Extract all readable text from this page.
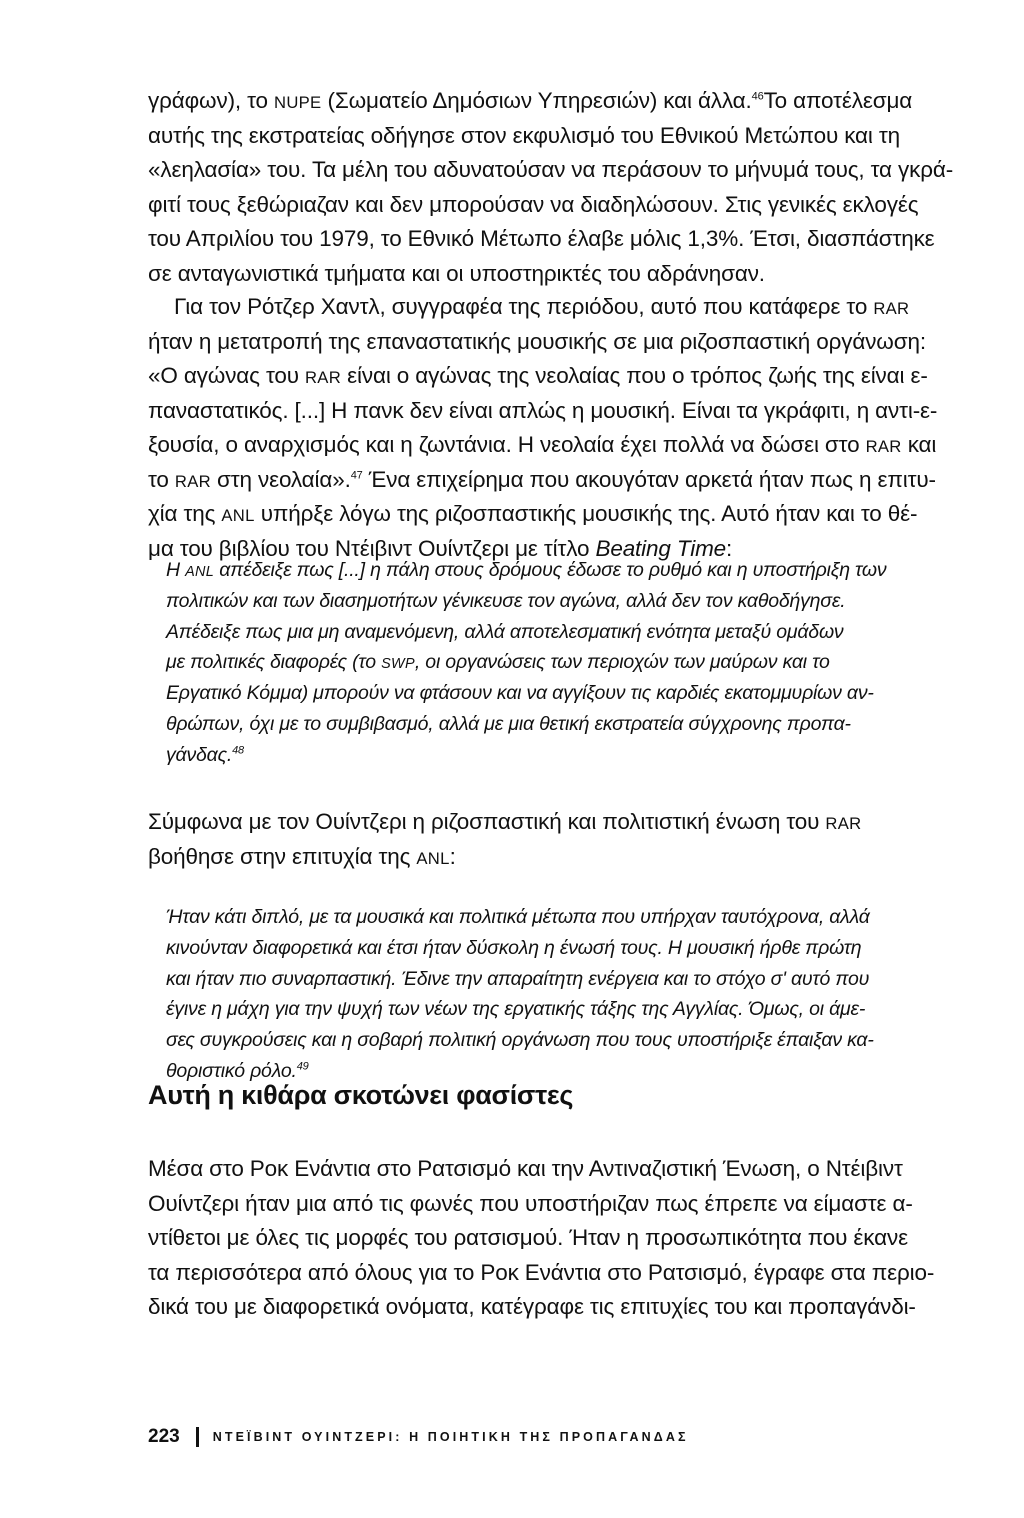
γράφων), το NUPE (Σωματείο Δημόσιων Υπηρεσιών) και άλλα.$^{46}$Το αποτέλεσμα
αυτής της εκστρατείας οδήγησε στον εκφυλισμό του Εθνικού Μετώπου και τη
«λεηλασία» του. Τα μέλη του αδυνατούσαν να περάσουν το μήνυμά τους, τα γκρά-
φιτί τους ξεθώριαζαν και δεν μπορούσαν να διαδηλώσουν. Στις γενικές εκλογές
του Απριλίου του 1979, το Εθνικό Μέτωπο έλαβε μόλις 1,3%. Έτσι, διασπάστηκε
σε ανταγωνιστικά τμήματα και οι υποστηρικτές του αδράνησαν.
Για τον Ρότζερ Χαντλ, συγγραφέα της περιόδου, αυτό που κατάφερε το RAR
ήταν η μετατροπή της επαναστατικής μουσικής σε μια ριζοσπαστική οργάνωση:
«Ο αγώνας του RAR είναι ο αγώνας της νεολαίας που ο τρόπος ζωής της είναι ε-
παναστατικός. [...] Η πανκ δεν είναι απλώς η μουσική. Είναι τα γκράφιτι, η αντι-ε-
ξουσία, ο αναρχισμός και η ζωντάνια. Η νεολαία έχει πολλά να δώσει στο RAR και
το RAR στη νεολαία».$^{47}$ Ένα επιχείρημα που ακουγόταν αρκετά ήταν πως η επιτυ-
χία της ANL υπήρξε λόγω της ριζοσπαστικής μουσικής της. Αυτό ήταν και το θέ-
μα του βιβλίου του Ντέιβιντ Ουίντζερι με τίτλο Beating Time:
Η ANL απέδειξε πως [...] η πάλη στους δρόμους έδωσε το ρυθμό και η υποστήριξη των
πολιτικών και των διασημοτήτων γένικευσε τον αγώνα, αλλά δεν τον καθοδήγησε.
Απέδειξε πως μια μη αναμενόμενη, αλλά αποτελεσματική ενότητα μεταξύ ομάδων
με πολιτικές διαφορές (το SWP, οι οργανώσεις των περιοχών των μαύρων και το
Εργατικό Κόμμα) μπορούν να φτάσουν και να αγγίξουν τις καρδιές εκατομμυρίων αν-
θρώπων, όχι με το συμβιβασμό, αλλά με μια θετική εκστρατεία σύγχρονης προπα-
γάνδας.$^{48}$
Σύμφωνα με τον Ουίντζερι η ριζοσπαστική και πολιτιστική ένωση του RAR
βοήθησε στην επιτυχία της ANL:
Ήταν κάτι διπλό, με τα μουσικά και πολιτικά μέτωπα που υπήρχαν ταυτόχρονα, αλλά
κινούνταν διαφορετικά και έτσι ήταν δύσκολη η ένωσή τους. Η μουσική ήρθε πρώτη
και ήταν πιο συναρπαστική. Έδινε την απαραίτητη ενέργεια και το στόχο σ' αυτό που
έγινε η μάχη για την ψυχή των νέων της εργατικής τάξης της Αγγλίας. Όμως, οι άμε-
σες συγκρούσεις και η σοβαρή πολιτική οργάνωση που τους υποστήριξε έπαιξαν κα-
θοριστικό ρόλο.$^{49}$
Αυτή η κιθάρα σκοτώνει φασίστες
Μέσα στο Ροκ Ενάντια στο Ρατσισμό και την Αντιναζιστική Ένωση, ο Ντέιβιντ
Ουίντζερι ήταν μια από τις φωνές που υποστήριζαν πως έπρεπε να είμαστε α-
ντίθετοι με όλες τις μορφές του ρατσισμού. Ήταν η προσωπικότητα που έκανε
τα περισσότερα από όλους για το Ροκ Ενάντια στο Ρατσισμό, έγραφε στα περιο-
δικά του με διαφορετικά ονόματα, κατέγραφε τις επιτυχίες του και προπαγάνδι-
223	ΝΤΕΪΒΙΝΤ ΟΥΙΝΤΖΕΡΙ: Η ΠΟΙΗΤΙΚΗ ΤΗΣ ΠΡΟΠΑΓΑΝΔΑΣ
